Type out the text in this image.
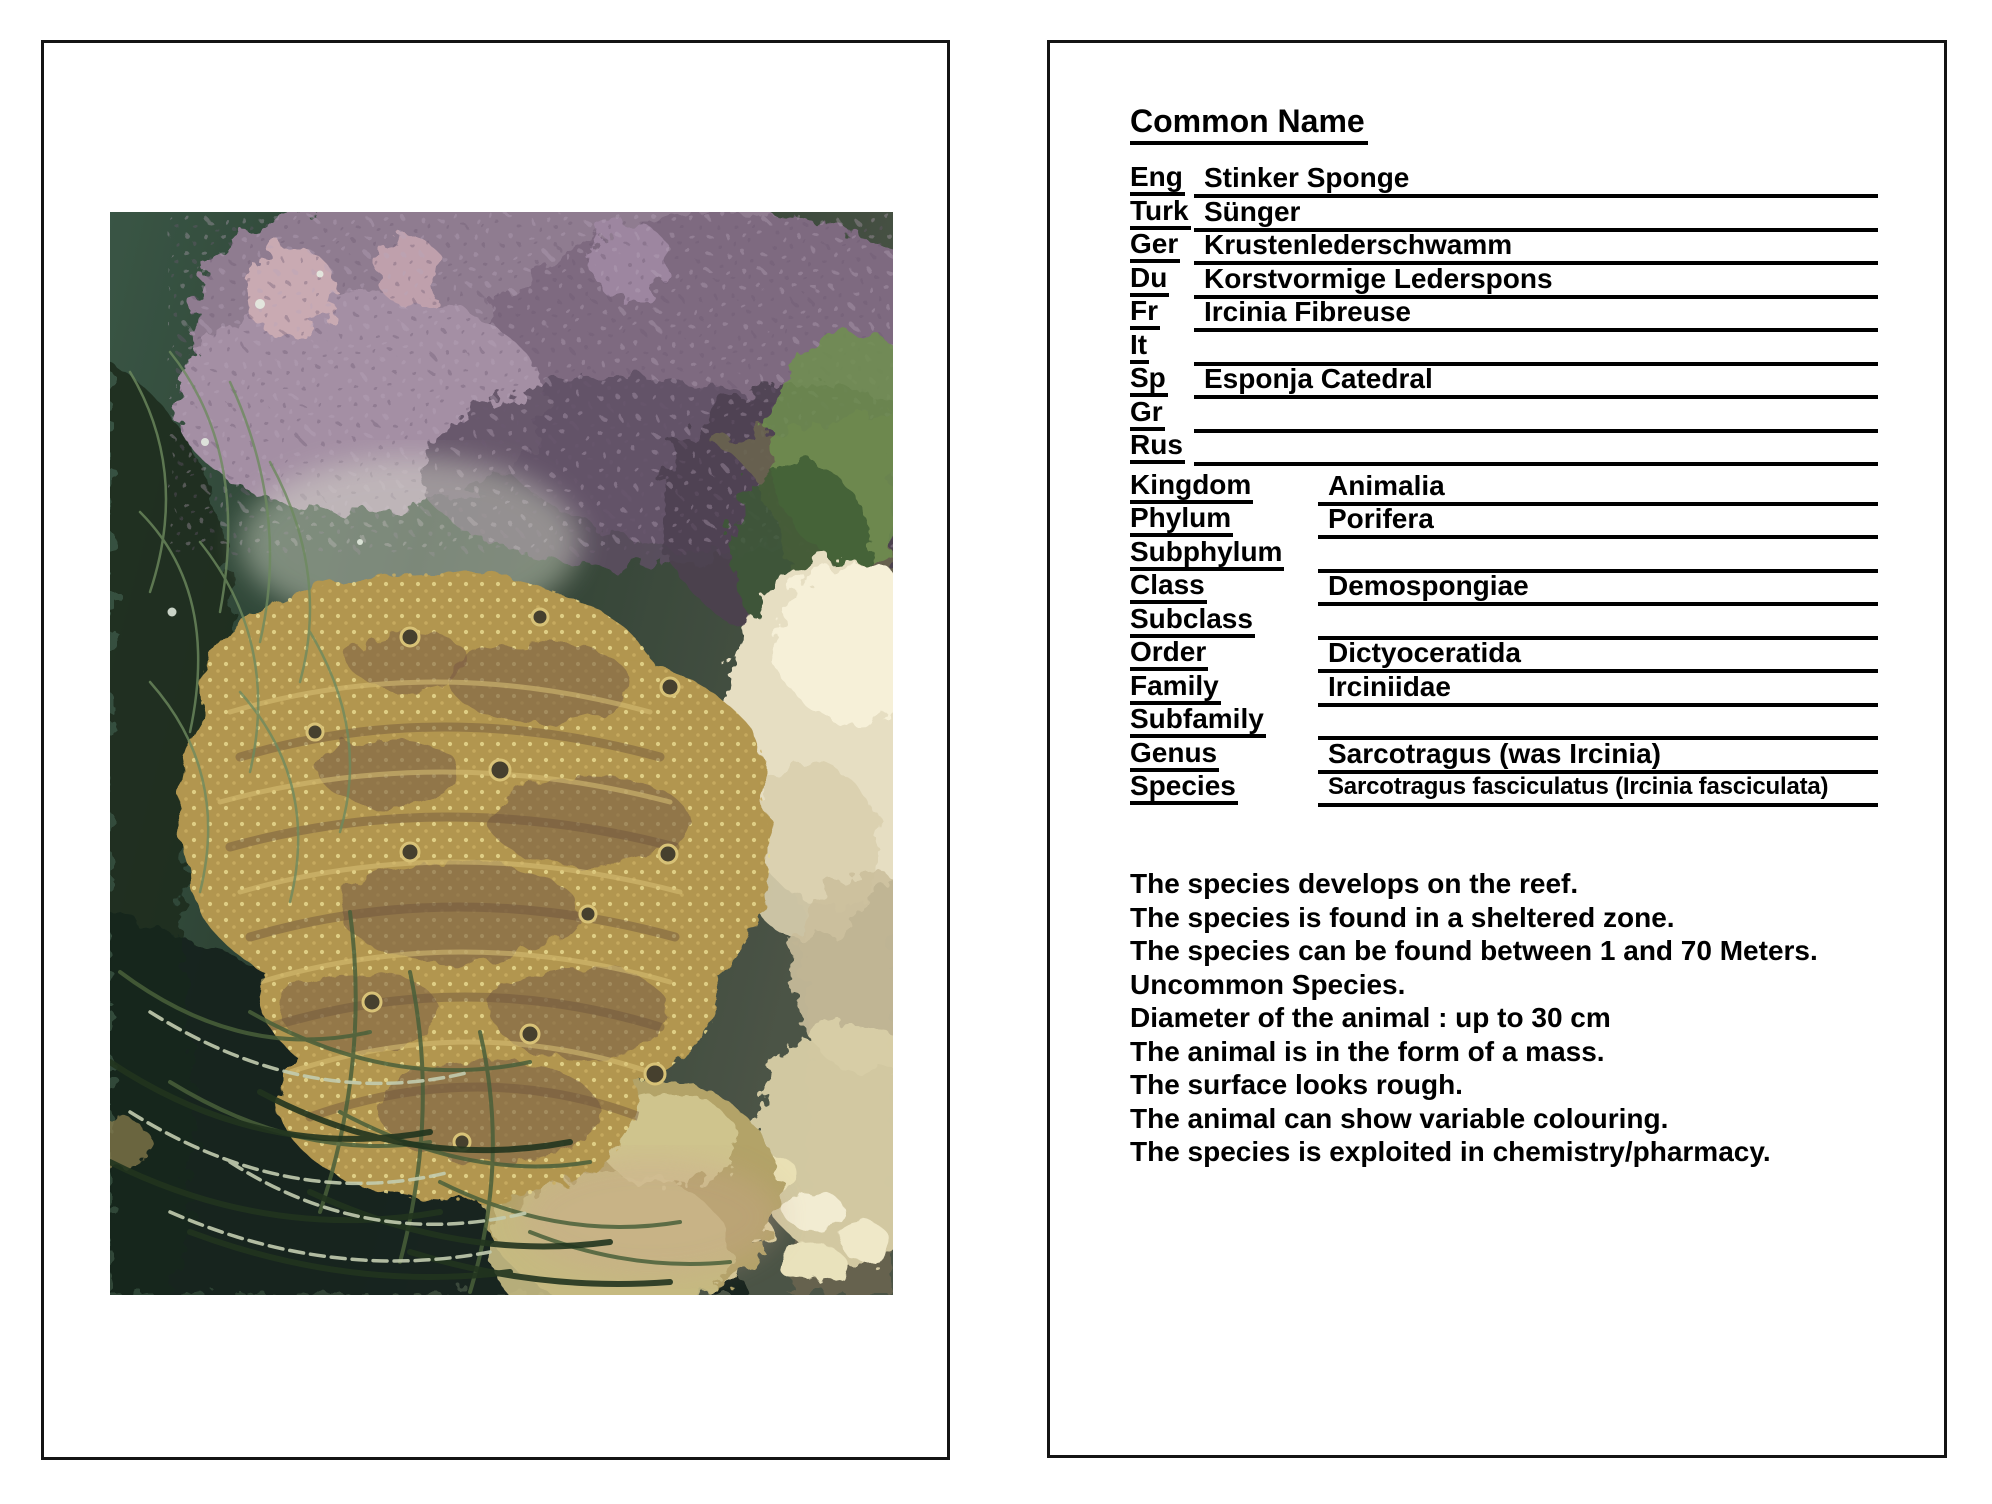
Common Name
Eng Stinker Sponge
Turk Sünger
Ger Krustenlederschwamm
Du	Korstvormige Lederspons
Fr	Ircinia Fibreuse
It
Sp	Esponja Catedral
Gr
Rus
Kingdom	Animalia
Phylum	Porifera
Subphylum
Class	Demospongiae
Subclass
Order	Dictyoceratida
Family	Irciniidae
Subfamily
Genus	Sarcotragus (was Ircinia)
Species	Sarcotragus fasciculatus (Ircinia fasciculata)
The species develops on the reef.
The species is found in a sheltered zone.
The species can be found between 1 and 70 Meters.
Uncommon Species.
Diameter of the animal : up to 30 cm
The animal is in the form of a mass.
The surface looks rough.
The animal can show variable colouring.
The species is exploited in chemistry/pharmacy.
